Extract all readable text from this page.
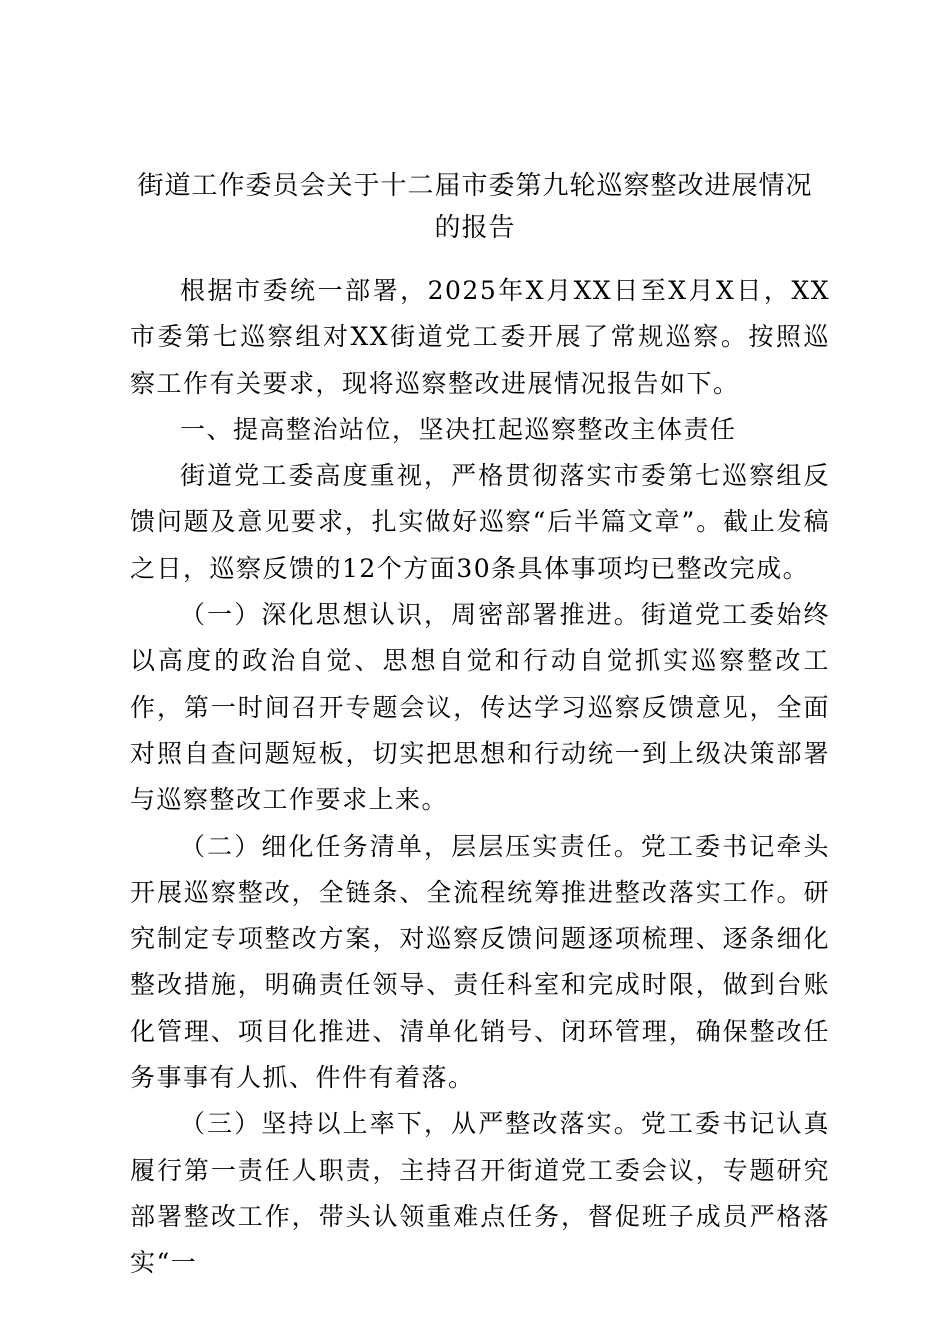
街道工作委员会关于十二届市委第九轮巡察整改进展情况的报告

根据市委统一部署，2025年X月XX日至X月X日，XX市委第七巡察组对XX街道党工委开展了常规巡察。按照巡察工作有关要求，现将巡察整改进展情况报告如下。

一、提高整治站位，坚决扛起巡察整改主体责任

街道党工委高度重视，严格贯彻落实市委第七巡察组反馈问题及意见要求，扎实做好巡察“后半篇文章”。截止发稿之日，巡察反馈的12个方面30条具体事项均已整改完成。

（一）深化思想认识，周密部署推进。街道党工委始终以高度的政治自觉、思想自觉和行动自觉抓实巡察整改工作，第一时间召开专题会议，传达学习巡察反馈意见，全面对照自查问题短板，切实把思想和行动统一到上级决策部署与巡察整改工作要求上来。

（二）细化任务清单，层层压实责任。党工委书记牵头开展巡察整改，全链条、全流程统筹推进整改落实工作。研究制定专项整改方案，对巡察反馈问题逐项梳理、逐条细化整改措施，明确责任领导、责任科室和完成时限，做到台账化管理、项目化推进、清单化销号、闭环管理，确保整改任务事事有人抓、件件有着落。

（三）坚持以上率下，从严整改落实。党工委书记认真履行第一责任人职责，主持召开街道党工委会议，专题研究部署整改工作，带头认领重难点任务，督促班子成员严格落实“一
